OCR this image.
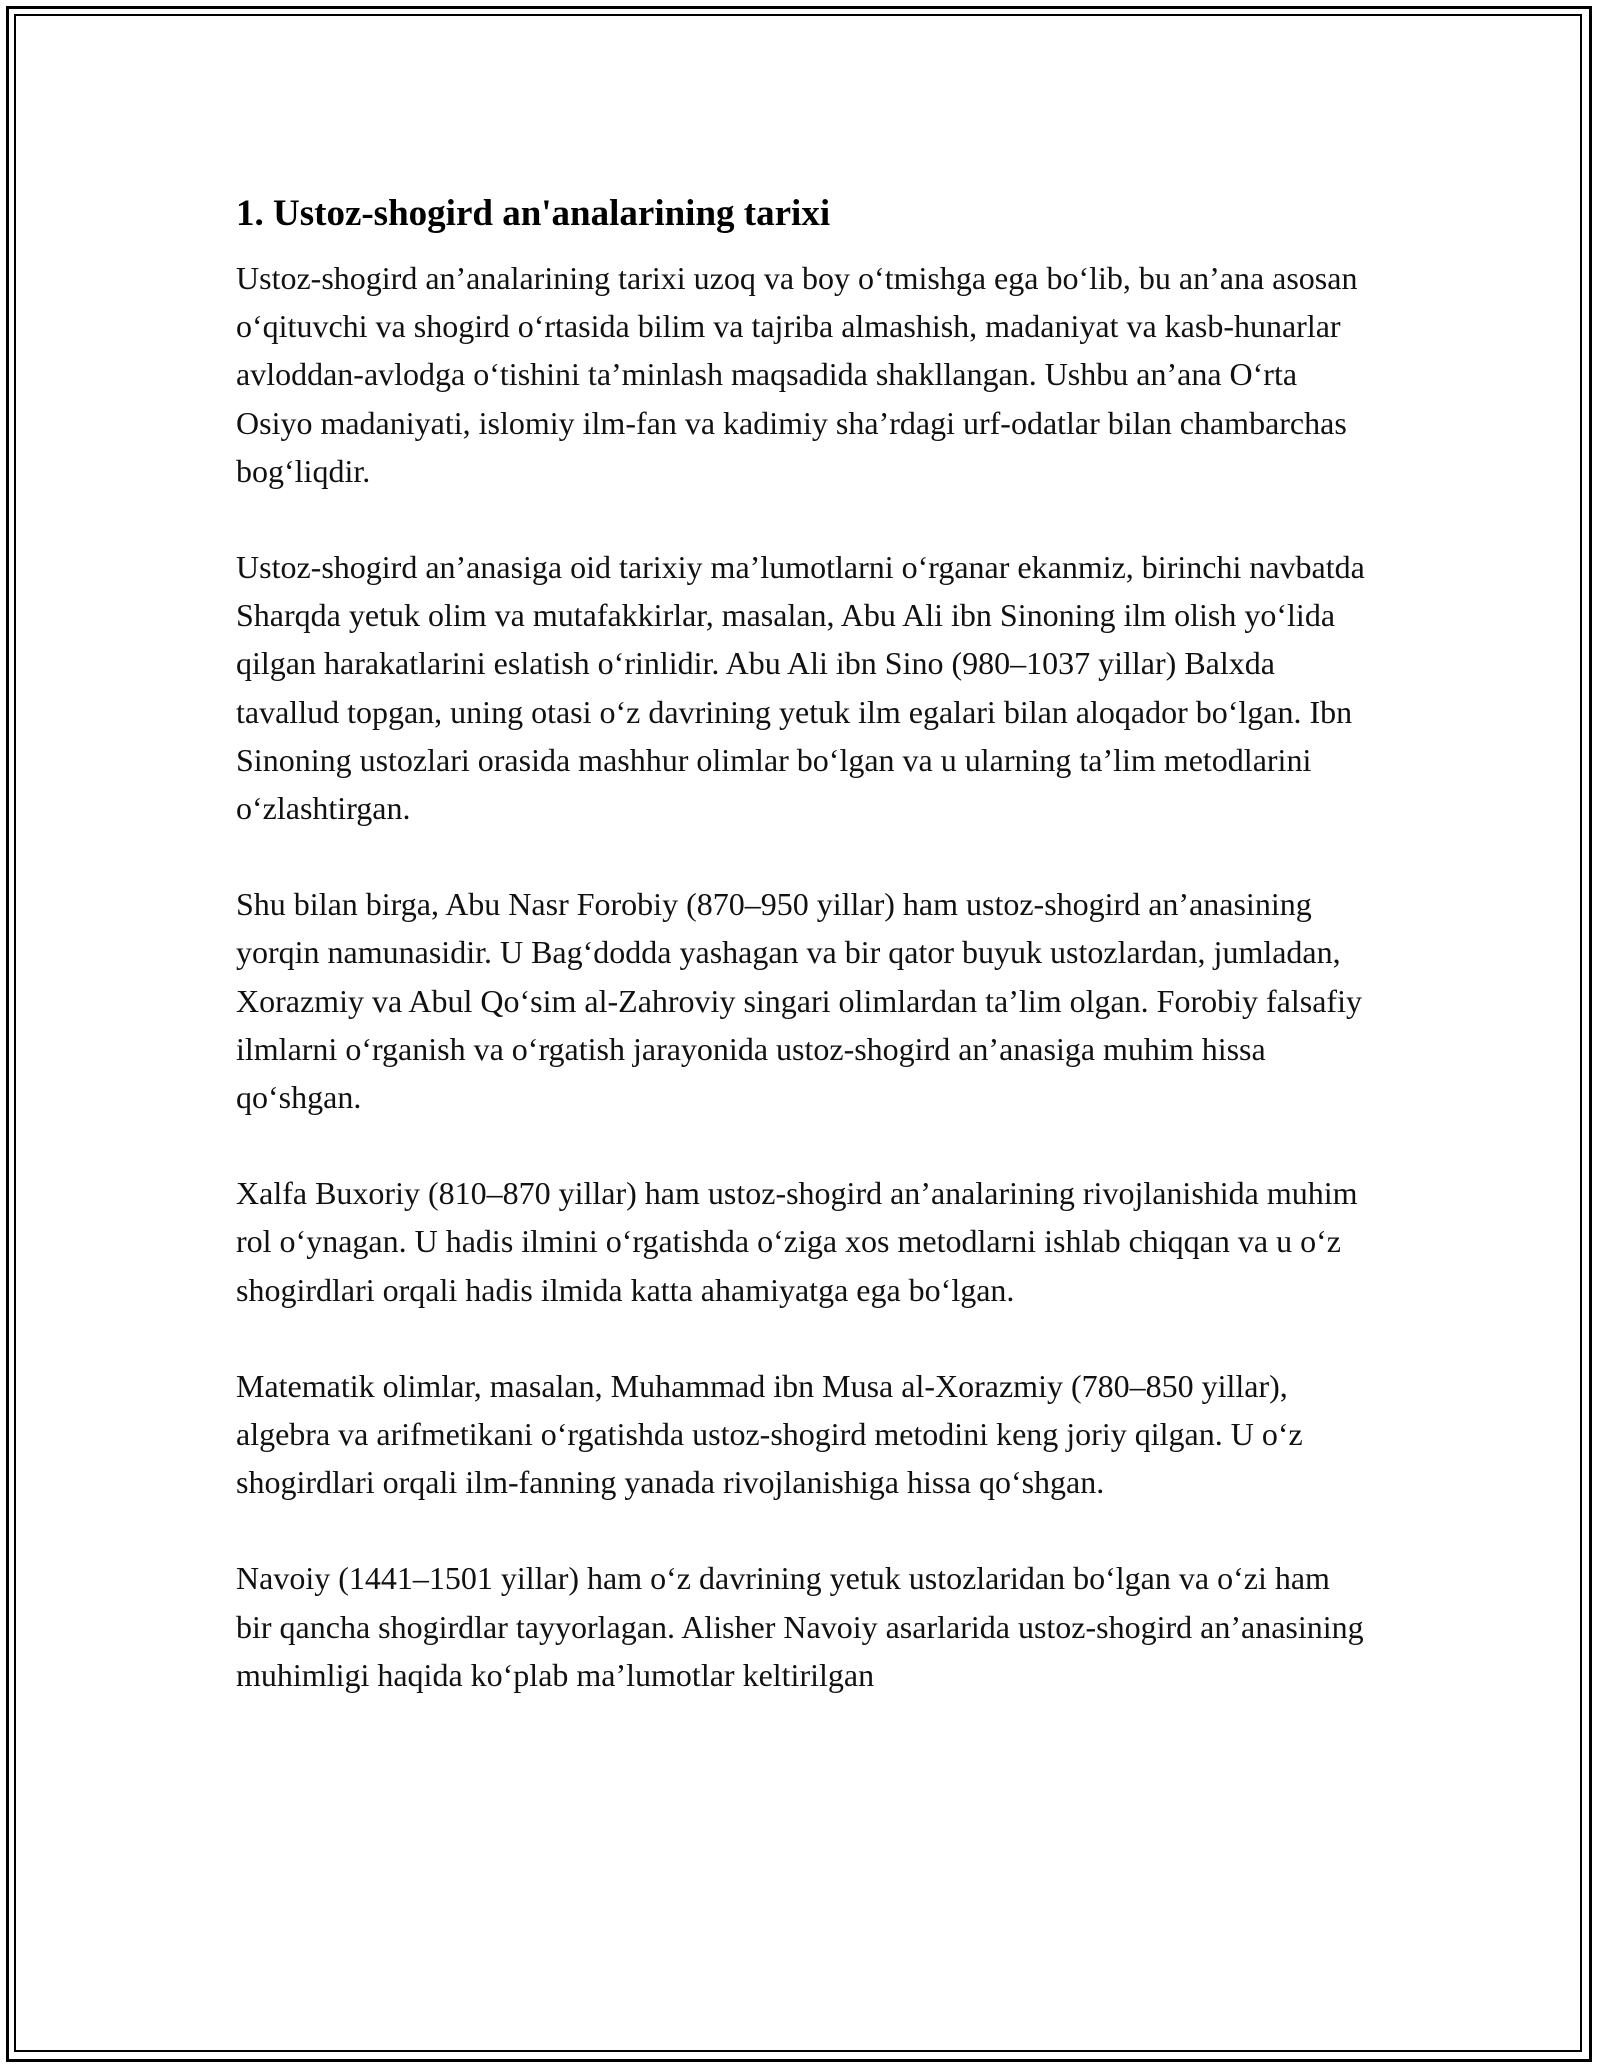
1. Ustoz-shogird an'analarining tarixi

Ustoz-shogird an’analarining tarixi uzoq va boy o‘tmishga ega bo‘lib, bu an’ana asosan o‘qituvchi va shogird o‘rtasida bilim va tajriba almashish, madaniyat va kasb-hunarlar avloddan-avlodga o‘tishini ta’minlash maqsadida shakllangan. Ushbu an’ana O‘rta Osiyo madaniyati, islomiy ilm-fan va kadimiy sha’rdagi urf-odatlar bilan chambarchas bog‘liqdir.

Ustoz-shogird an’anasiga oid tarixiy ma’lumotlarni o‘rganar ekanmiz, birinchi navbatda Sharqda yetuk olim va mutafakkirlar, masalan, Abu Ali ibn Sinoning ilm olish yo‘lida qilgan harakatlarini eslatish o‘rinlidir. Abu Ali ibn Sino (980–1037 yillar) Balxda tavallud topgan, uning otasi o‘z davrining yetuk ilm egalari bilan aloqador bo‘lgan. Ibn Sinoning ustozlari orasida mashhur olimlar bo‘lgan va u ularning ta’lim metodlarini o‘zlashtirgan.

Shu bilan birga, Abu Nasr Forobiy (870–950 yillar) ham ustoz-shogird an’anasining yorqin namunasidir. U Bag‘dodda yashagan va bir qator buyuk ustozlardan, jumladan, Xorazmiy va Abul Qo‘sim al-Zahroviy singari olimlardan ta’lim olgan. Forobiy falsafiy ilmlarni o‘rganish va o‘rgatish jarayonida ustoz-shogird an’anasiga muhim hissa qo‘shgan.

Xalfa Buxoriy (810–870 yillar) ham ustoz-shogird an’analarining rivojlanishida muhim rol o‘ynagan. U hadis ilmini o‘rgatishda o‘ziga xos metodlarni ishlab chiqqan va u o‘z shogirdlari orqali hadis ilmida katta ahamiyatga ega bo‘lgan.

Matematik olimlar, masalan, Muhammad ibn Musa al-Xorazmiy (780–850 yillar), algebra va arifmetikani o‘rgatishda ustoz-shogird metodini keng joriy qilgan. U o‘z shogirdlari orqali ilm-fanning yanada rivojlanishiga hissa qo‘shgan.

Navoiy (1441–1501 yillar) ham o‘z davrining yetuk ustozlaridan bo‘lgan va o‘zi ham bir qancha shogirdlar tayyorlagan. Alisher Navoiy asarlarida ustoz-shogird an’anasining muhimligi haqida ko‘plab ma’lumotlar keltirilgan
